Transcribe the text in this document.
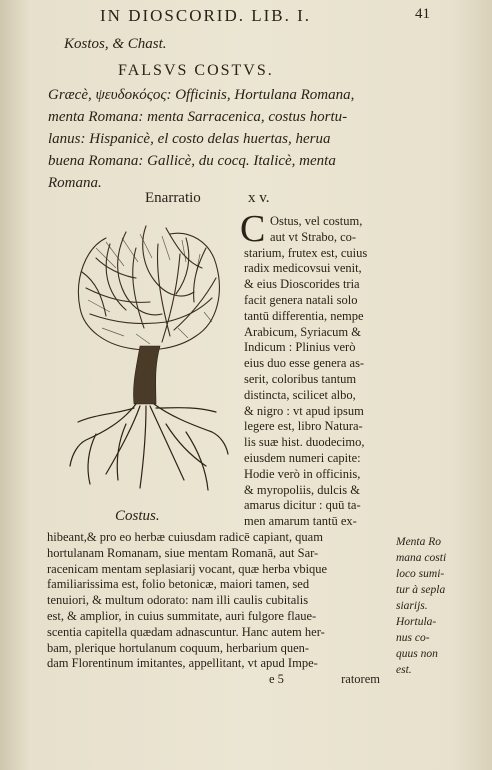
IN DIOSCORID. LIB. I.	41
Kostos, & Chast.
FALSVS COSTVS.
Græcè, ψευδοκόςος: Officinis, Hortulana Romana,
menta Romana: menta Sarracenica, costus hortu-
lanus: Hispanicè, el costo delas huertas, herua
buena Romana: Gallicè, du cocq. Italicè, menta
Romana.
Enarratio	x v.
Costus.
C Ostus, vel costum,
aut vt Strabo, co-
starium, frutex est, cuius
radix medicovsui venit,
& eius Dioscorides tria
facit genera natali solo
tantū differentia, nempe
Arabicum, Syriacum &
Indicum : Plinius verò
eius duo esse genera as-
serit, coloribus tantum
distincta, scilicet albo,
& nigro : vt apud ipsum
legere est, libro Natura-
lis suæ hist. duodecimo,
eiusdem numeri capite:
Hodie verò in officinis,
& myropoliis, dulcis &
amarus dicitur : quū ta-
men amarum tantū ex-
hibeant,& pro eo herbæ cuiusdam radicē capiant, quam
hortulanam Romanam, siue mentam Romanā, aut Sar-
racenicam mentam seplasiarij vocant, quæ herba vbique
familiarissima est, folio betonicæ, maiori tamen, sed
tenuiori, & multum odorato: nam illi caulis cubitalis
est, & amplior, in cuius summitate, auri fulgore flaue-
scentia capitella quædam adnascuntur. Hanc autem her-
bam, plerique hortulanum coquum, herbarium quen-
dam Florentinum imitantes, appellitant, vt apud Impe-
e 5	ratorem
Menta Ro
mana costi
loco sumi-
tur à sepla
siarijs.
Hortula-
nus co-
quus non
est.
